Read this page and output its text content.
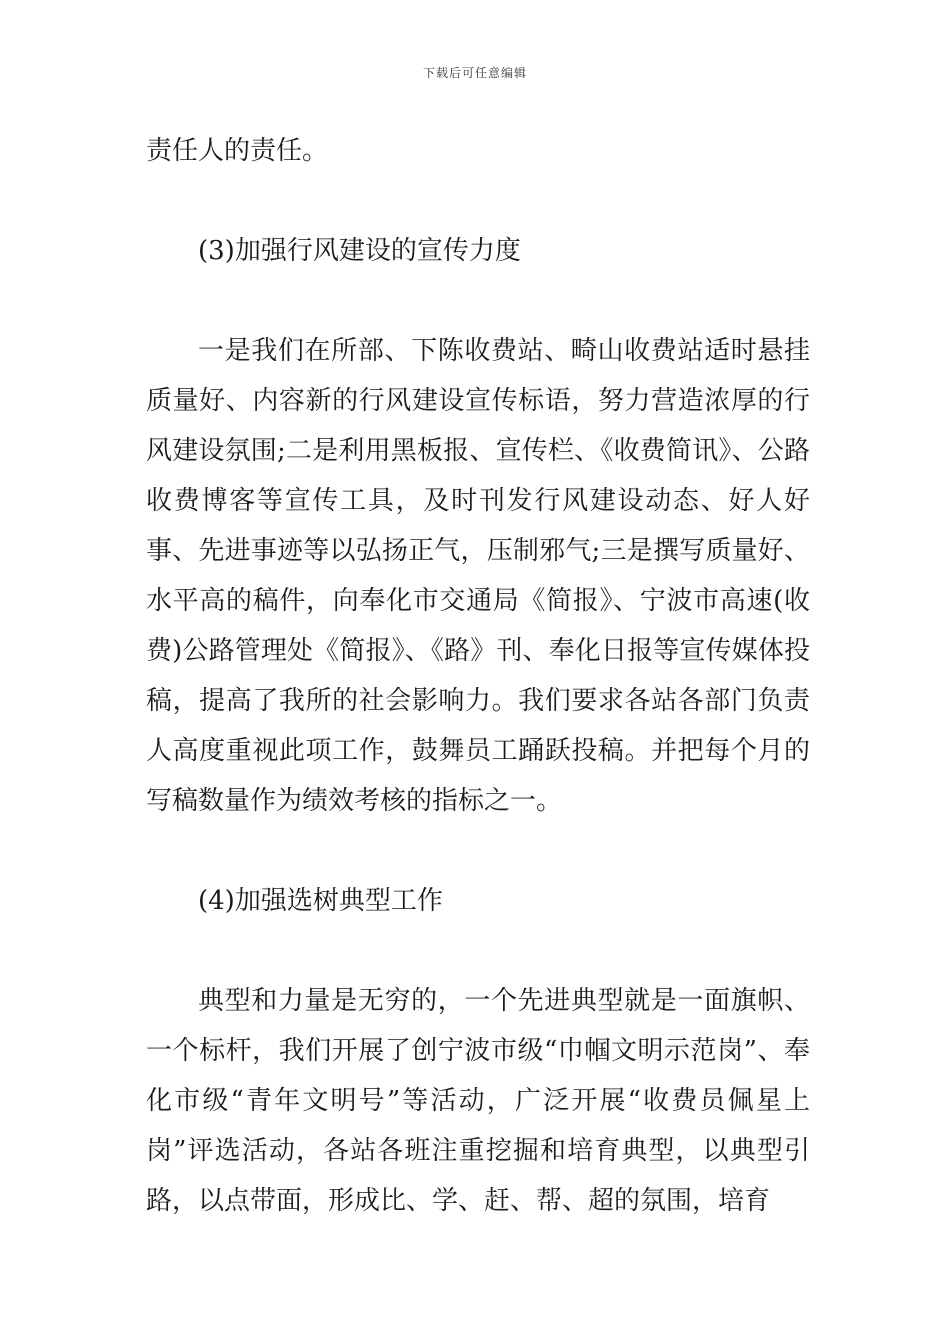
下载后可任意编辑

责任人的责任。

(3)加强行风建设的宣传力度

一是我们在所部、下陈收费站、畸山收费站适时悬挂质量好、内容新的行风建设宣传标语，努力营造浓厚的行风建设氛围;二是利用黑板报、宣传栏、《收费简讯》、公路收费博客等宣传工具，及时刊发行风建设动态、好人好事、先进事迹等以弘扬正气，压制邪气;三是撰写质量好、水平高的稿件，向奉化市交通局《简报》、宁波市高速(收费)公路管理处《简报》、《路》刊、奉化日报等宣传媒体投稿，提高了我所的社会影响力。我们要求各站各部门负责人高度重视此项工作，鼓舞员工踊跃投稿。并把每个月的写稿数量作为绩效考核的指标之一。

(4)加强选树典型工作

典型和力量是无穷的，一个先进典型就是一面旗帜、一个标杆，我们开展了创宁波市级“巾帼文明示范岗”、奉化市级“青年文明号”等活动，广泛开展“收费员佩星上岗”评选活动，各站各班注重挖掘和培育典型，以典型引路，以点带面，形成比、学、赶、帮、超的氛围，培育
